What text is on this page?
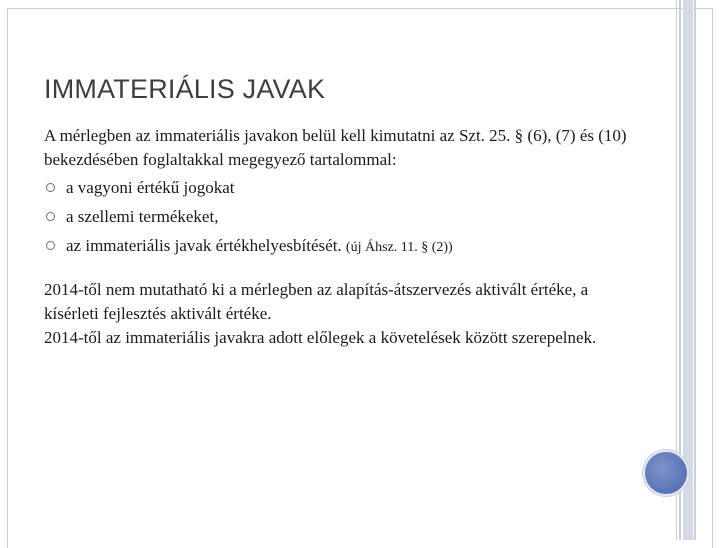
IMMATERIÁLIS JAVAK

A mérlegben az immateriális javakon belül kell kimutatni az Szt. 25. § (6), (7) és (10) bekezdésében foglaltakkal megegyező tartalommal:

a vagyoni értékű jogokat
a szellemi termékeket,
az immateriális javak értékhelyesbítését. (új Áhsz. 11. § (2))

2014-től nem mutatható ki a mérlegben az alapítás-átszervezés aktivált értéke, a kísérleti fejlesztés aktivált értéke.

2014-től az immateriális javakra adott előlegek a követelések között szerepelnek.
